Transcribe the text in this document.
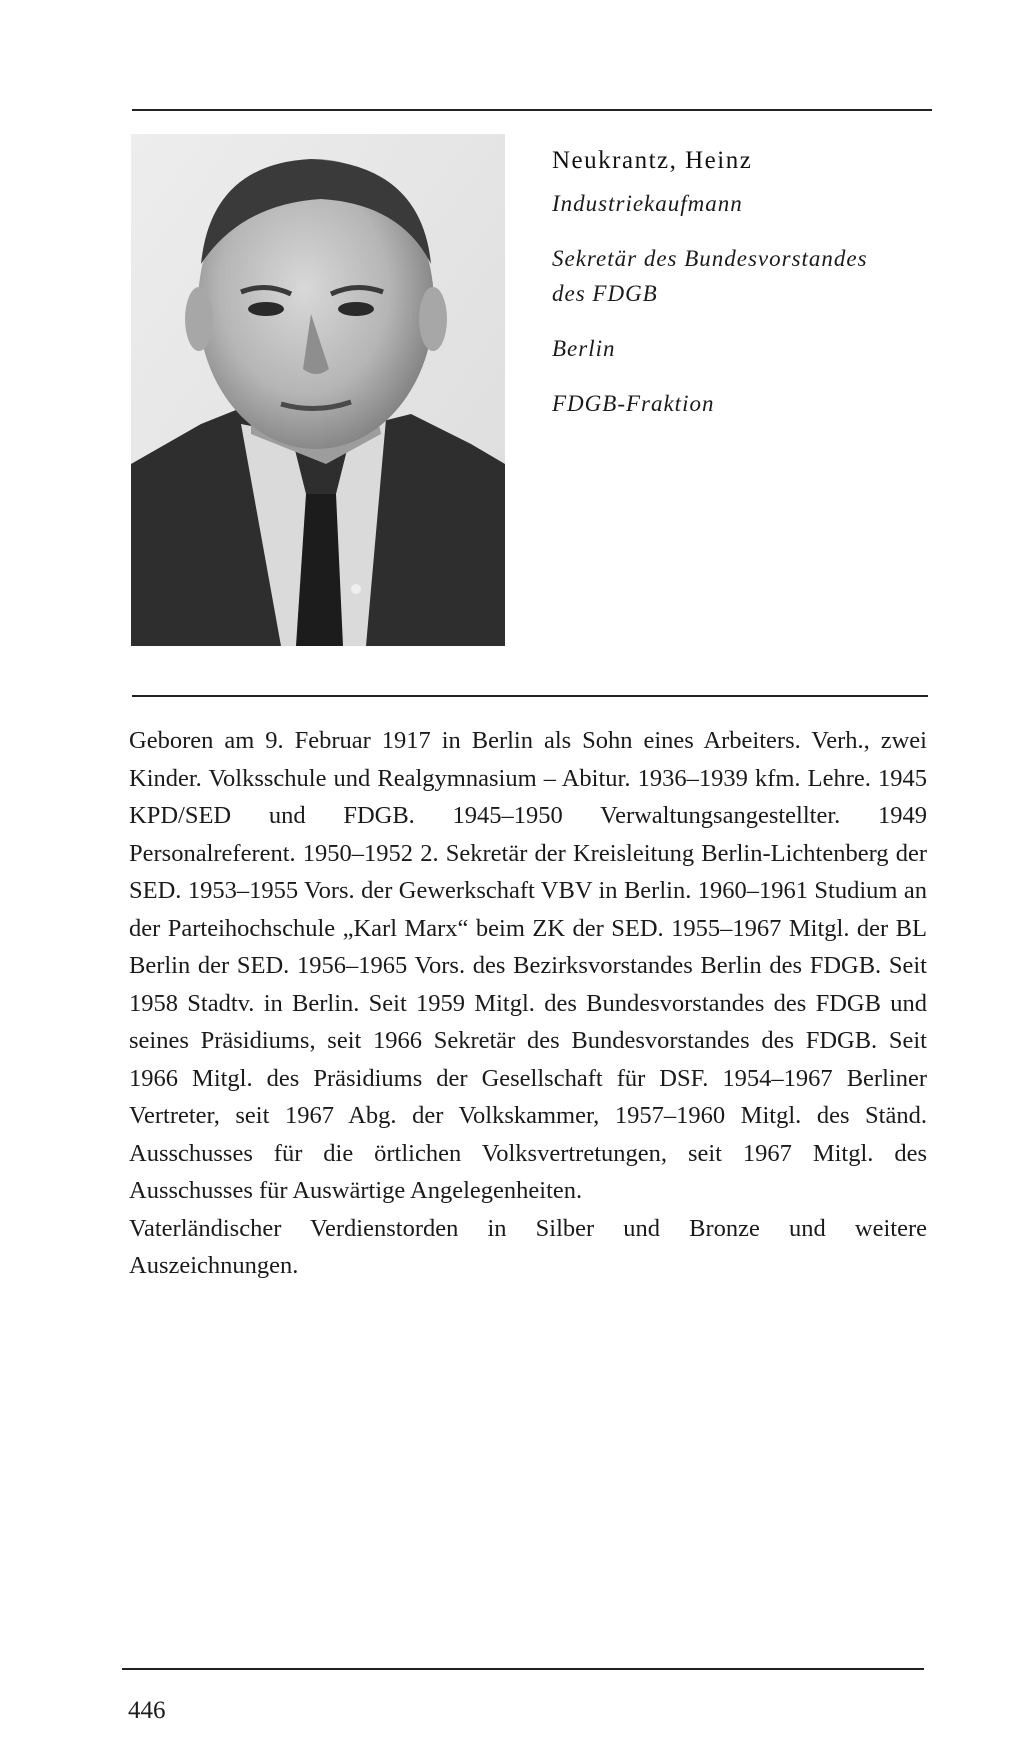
Neukrantz, Heinz
Industriekaufmann
Sekretär des Bundesvorstandes
des FDGB
Berlin
FDGB-Fraktion

Geboren am 9. Februar 1917 in Berlin als Sohn eines Arbeiters. Verh., zwei Kinder. Volksschule und Realgymnasium – Abitur. 1936–1939 kfm. Lehre. 1945 KPD/SED und FDGB. 1945–1950 Verwaltungsangestellter. 1949 Personalreferent. 1950–1952 2. Sekretär der Kreisleitung Berlin-Lichtenberg der SED. 1953–1955 Vors. der Gewerkschaft VBV in Berlin. 1960–1961 Studium an der Parteihochschule „Karl Marx“ beim ZK der SED. 1955–1967 Mitgl. der BL Berlin der SED. 1956–1965 Vors. des Bezirksvorstandes Berlin des FDGB. Seit 1958 Stadtv. in Berlin. Seit 1959 Mitgl. des Bundesvorstandes des FDGB und seines Präsidiums, seit 1966 Sekretär des Bundesvorstandes des FDGB. Seit 1966 Mitgl. des Präsidiums der Gesellschaft für DSF. 1954–1967 Berliner Vertreter, seit 1967 Abg. der Volkskammer, 1957–1960 Mitgl. des Ständ. Ausschusses für die örtlichen Volksvertretungen, seit 1967 Mitgl. des Ausschusses für Auswärtige Angelegenheiten.

Vaterländischer Verdienstorden in Silber und Bronze und weitere Auszeichnungen.

446
